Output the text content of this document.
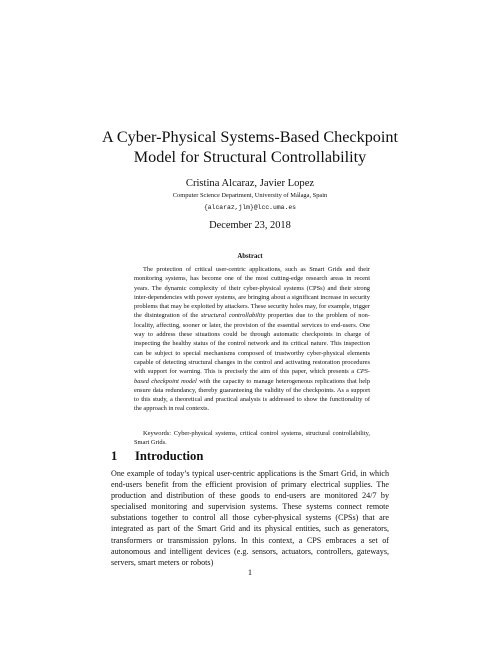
A Cyber-Physical Systems-Based Checkpoint
Model for Structural Controllability
Cristina Alcaraz, Javier Lopez
Computer Science Department, University of Málaga, Spain
{alcaraz,jlm}@lcc.uma.es
December 23, 2018
Abstract

The protection of critical user-centric applications, such as Smart Grids and their monitoring systems, has become one of the most cutting-edge research areas in recent years. The dynamic complexity of their cyber-physical systems (CPSs) and their strong inter-dependencies with power systems, are bringing about a significant increase in security problems that may be exploited by attackers. These security holes may, for example, trigger the disintegration of the structural controllability properties due to the problem of non-locality, affecting, sooner or later, the provision of the essential services to end-users. One way to address these situations could be through automatic checkpoints in charge of inspecting the healthy status of the control network and its critical nature. This inspection can be subject to special mechanisms composed of trustworthy cyber-physical elements capable of detecting structural changes in the control and activating restoration procedures with support for warning. This is precisely the aim of this paper, which presents a CPS-based checkpoint model with the capacity to manage heterogeneous replications that help ensure data redundancy, thereby guaranteeing the validity of the checkpoints. As a support to this study, a theoretical and practical analysis is addressed to show the functionality of the approach in real contexts.

Keywords: Cyber-physical systems, critical control systems, structural controllability, Smart Grids.
1 Introduction
One example of today’s typical user-centric applications is the Smart Grid, in which end-users benefit from the efficient provision of primary electrical supplies. The production and distribution of these goods to end-users are monitored 24/7 by specialised monitoring and supervision systems. These systems connect remote substations together to control all those cyber-physical systems (CPSs) that are integrated as part of the Smart Grid and its physical entities, such as generators, transformers or transmission pylons. In this context, a CPS embraces a set of autonomous and intelligent devices (e.g. sensors, actuators, controllers, gateways, servers, smart meters or robots)
1
